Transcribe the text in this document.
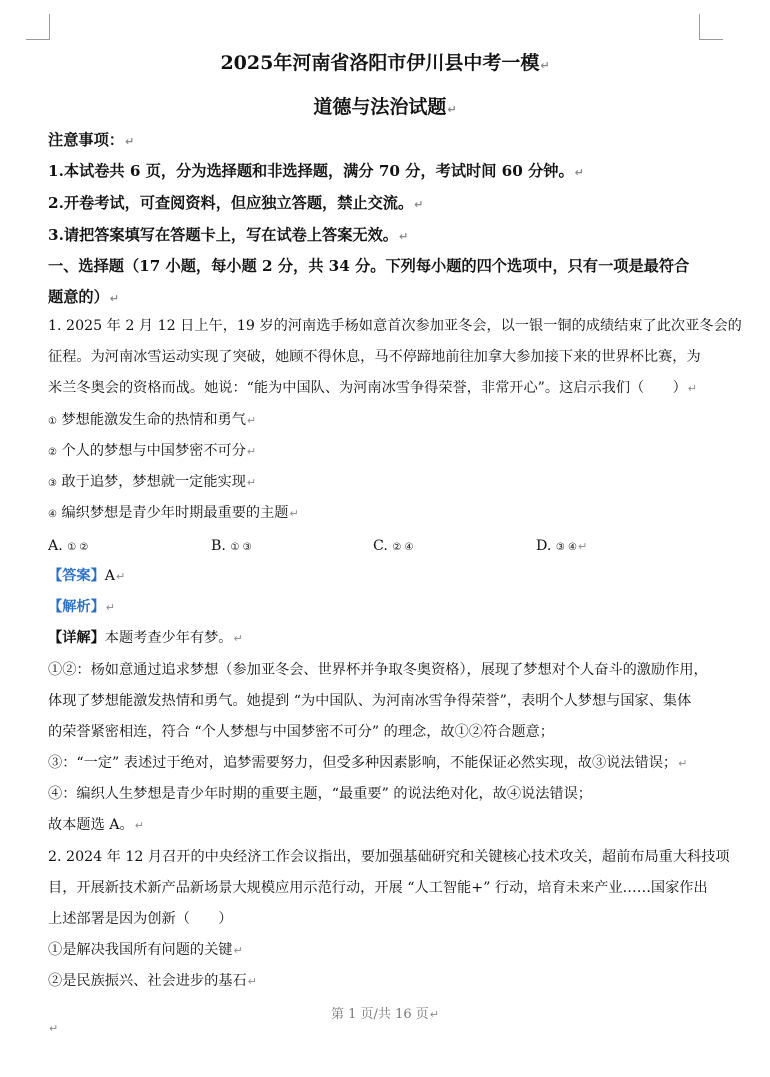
2025年河南省洛阳市伊川县中考一模↵
道德与法治试题↵
注意事项：↵
1.本试卷共 6 页，分为选择题和非选择题，满分 70 分，考试时间 60 分钟。↵
2.开卷考试，可查阅资料，但应独立答题，禁止交流。↵
3.请把答案填写在答题卡上，写在试卷上答案无效。↵
一、选择题（17 小题，每小题 2 分，共 34 分。下列每小题的四个选项中，只有一项是最符合
题意的）↵
1. 2025 年 2 月 12 日上午，19 岁的河南选手杨如意首次参加亚冬会，以一银一铜的成绩结束了此次亚冬会的
征程。为河南冰雪运动实现了突破，她顾不得休息，马不停蹄地前往加拿大参加接下来的世界杯比赛，为
米兰冬奥会的资格而战。她说：“能为中国队、为河南冰雪争得荣誉，非常开心”。这启示我们（　　）↵
① 梦想能激发生命的热情和勇气↵
② 个人的梦想与中国梦密不可分↵
③ 敢于追梦，梦想就一定能实现↵
④ 编织梦想是青少年时期最重要的主题↵
A. ① ②	B. ① ③	C. ② ④	D. ③ ④↵
【答案】A↵
【解析】↵
【详解】本题考查少年有梦。↵
①②：杨如意通过追求梦想（参加亚冬会、世界杯并争取冬奥资格），展现了梦想对个人奋斗的激励作用，
体现了梦想能激发热情和勇气。她提到 “为中国队、为河南冰雪争得荣誉”，表明个人梦想与国家、集体
的荣誉紧密相连，符合 “个人梦想与中国梦密不可分” 的理念，故①②符合题意；
③：“一定” 表述过于绝对，追梦需要努力，但受多种因素影响，不能保证必然实现，故③说法错误；↵
④：编织人生梦想是青少年时期的重要主题，“最重要” 的说法绝对化，故④说法错误；
故本题选 A。↵
2. 2024 年 12 月召开的中央经济工作会议指出，要加强基础研究和关键核心技术攻关，超前布局重大科技项
目，开展新技术新产品新场景大规模应用示范行动，开展 “人工智能+” 行动，培育未来产业……国家作出
上述部署是因为创新（　　）
①是解决我国所有问题的关键↵
②是民族振兴、社会进步的基石↵
第 1 页/共 16 页↵
↵
